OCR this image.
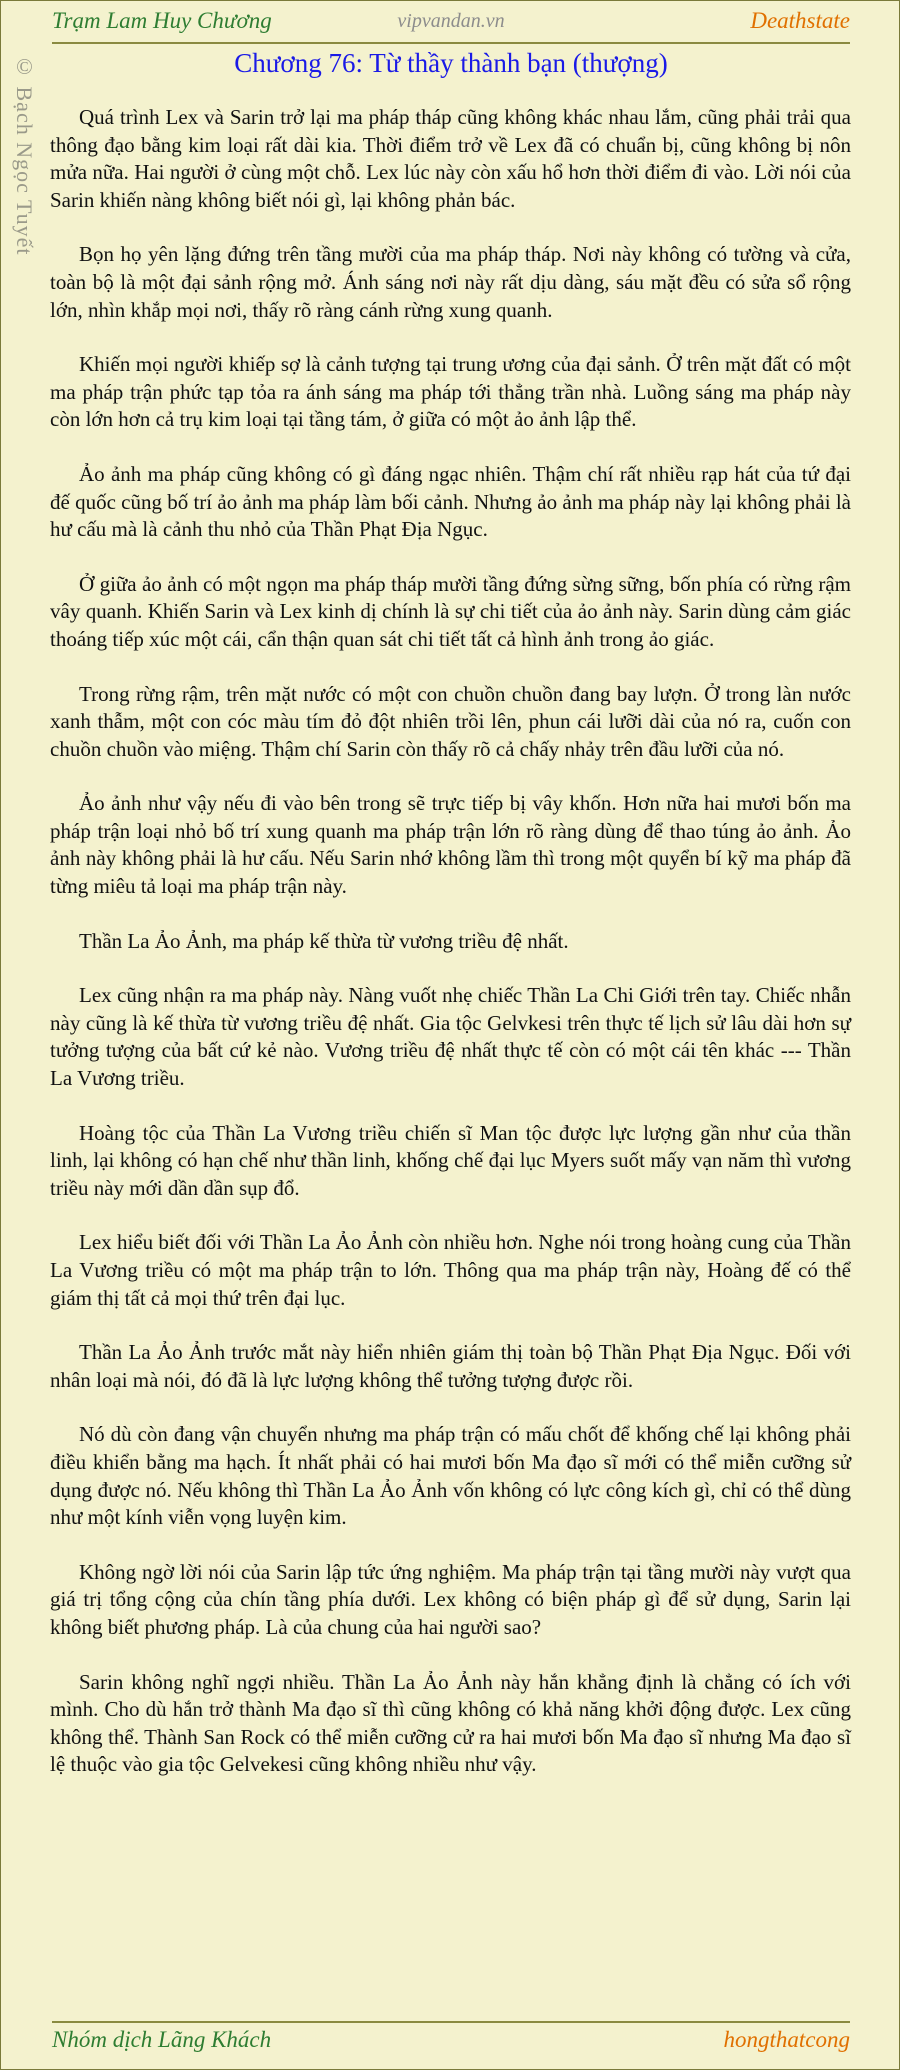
Trạm Lam Huy Chương	vipvandan.vn	Deathstate
© Bạch Ngọc Tuyết	Chương 76: Từ thầy thành bạn (thượng)

Quá trình Lex và Sarin trở lại ma pháp tháp cũng không khác nhau lắm, cũng phải trải qua thông đạo bằng kim loại rất dài kia. Thời điểm trở về Lex đã có chuẩn bị, cũng không bị nôn mửa nữa. Hai người ở cùng một chỗ. Lex lúc này còn xấu hổ hơn thời điểm đi vào. Lời nói của Sarin khiến nàng không biết nói gì, lại không phản bác.

Bọn họ yên lặng đứng trên tầng mười của ma pháp tháp. Nơi này không có tường và cửa, toàn bộ là một đại sảnh rộng mở. Ánh sáng nơi này rất dịu dàng, sáu mặt đều có sửa sổ rộng lớn, nhìn khắp mọi nơi, thấy rõ ràng cánh rừng xung quanh.

Khiến mọi người khiếp sợ là cảnh tượng tại trung ương của đại sảnh. Ở trên mặt đất có một ma pháp trận phức tạp tỏa ra ánh sáng ma pháp tới thẳng trần nhà. Luồng sáng ma pháp này còn lớn hơn cả trụ kim loại tại tầng tám, ở giữa có một ảo ảnh lập thể.

Ảo ảnh ma pháp cũng không có gì đáng ngạc nhiên. Thậm chí rất nhiều rạp hát của tứ đại đế quốc cũng bố trí ảo ảnh ma pháp làm bối cảnh. Nhưng ảo ảnh ma pháp này lại không phải là hư cấu mà là cảnh thu nhỏ của Thần Phạt Địa Ngục.

Ở giữa ảo ảnh có một ngọn ma pháp tháp mười tầng đứng sừng sững, bốn phía có rừng rậm vây quanh. Khiến Sarin và Lex kinh dị chính là sự chi tiết của ảo ảnh này. Sarin dùng cảm giác thoáng tiếp xúc một cái, cẩn thận quan sát chi tiết tất cả hình ảnh trong ảo giác.

Trong rừng rậm, trên mặt nước có một con chuồn chuồn đang bay lượn. Ở trong làn nước xanh thẫm, một con cóc màu tím đỏ đột nhiên trồi lên, phun cái lưỡi dài của nó ra, cuốn con chuồn chuồn vào miệng. Thậm chí Sarin còn thấy rõ cả chấy nhảy trên đầu lưỡi của nó.

Ảo ảnh như vậy nếu đi vào bên trong sẽ trực tiếp bị vây khốn. Hơn nữa hai mươi bốn ma pháp trận loại nhỏ bố trí xung quanh ma pháp trận lớn rõ ràng dùng để thao túng ảo ảnh. Ảo ảnh này không phải là hư cấu. Nếu Sarin nhớ không lầm thì trong một quyển bí kỹ ma pháp đã từng miêu tả loại ma pháp trận này.

Thần La Ảo Ảnh, ma pháp kế thừa từ vương triều đệ nhất.

Lex cũng nhận ra ma pháp này. Nàng vuốt nhẹ chiếc Thần La Chi Giới trên tay. Chiếc nhẫn này cũng là kế thừa từ vương triều đệ nhất. Gia tộc Gelvkesi trên thực tế lịch sử lâu dài hơn sự tưởng tượng của bất cứ kẻ nào. Vương triều đệ nhất thực tế còn có một cái tên khác --- Thần La Vương triều.

Hoàng tộc của Thần La Vương triều chiến sĩ Man tộc được lực lượng gần như của thần linh, lại không có hạn chế như thần linh, khống chế đại lục Myers suốt mấy vạn năm thì vương triều này mới dần dần sụp đổ.

Lex hiểu biết đối với Thần La Ảo Ảnh còn nhiều hơn. Nghe nói trong hoàng cung của Thần La Vương triều có một ma pháp trận to lớn. Thông qua ma pháp trận này, Hoàng đế có thể giám thị tất cả mọi thứ trên đại lục.

Thần La Ảo Ảnh trước mắt này hiển nhiên giám thị toàn bộ Thần Phạt Địa Ngục. Đối với nhân loại mà nói, đó đã là lực lượng không thể tưởng tượng được rồi.

Nó dù còn đang vận chuyển nhưng ma pháp trận có mấu chốt để khống chế lại không phải điều khiển bằng ma hạch. Ít nhất phải có hai mươi bốn Ma đạo sĩ mới có thể miễn cưỡng sử dụng được nó. Nếu không thì Thần La Ảo Ảnh vốn không có lực công kích gì, chỉ có thể dùng như một kính viễn vọng luyện kim.

Không ngờ lời nói của Sarin lập tức ứng nghiệm. Ma pháp trận tại tầng mười này vượt qua giá trị tổng cộng của chín tầng phía dưới. Lex không có biện pháp gì để sử dụng, Sarin lại không biết phương pháp. Là của chung của hai người sao?

Sarin không nghĩ ngợi nhiều. Thần La Ảo Ảnh này hắn khẳng định là chẳng có ích với mình. Cho dù hắn trở thành Ma đạo sĩ thì cũng không có khả năng khởi động được. Lex cũng không thể. Thành San Rock có thể miễn cưỡng cử ra hai mươi bốn Ma đạo sĩ nhưng Ma đạo sĩ lệ thuộc vào gia tộc Gelvekesi cũng không nhiều như vậy.

Nhóm dịch Lãng Khách	hongthatcong
